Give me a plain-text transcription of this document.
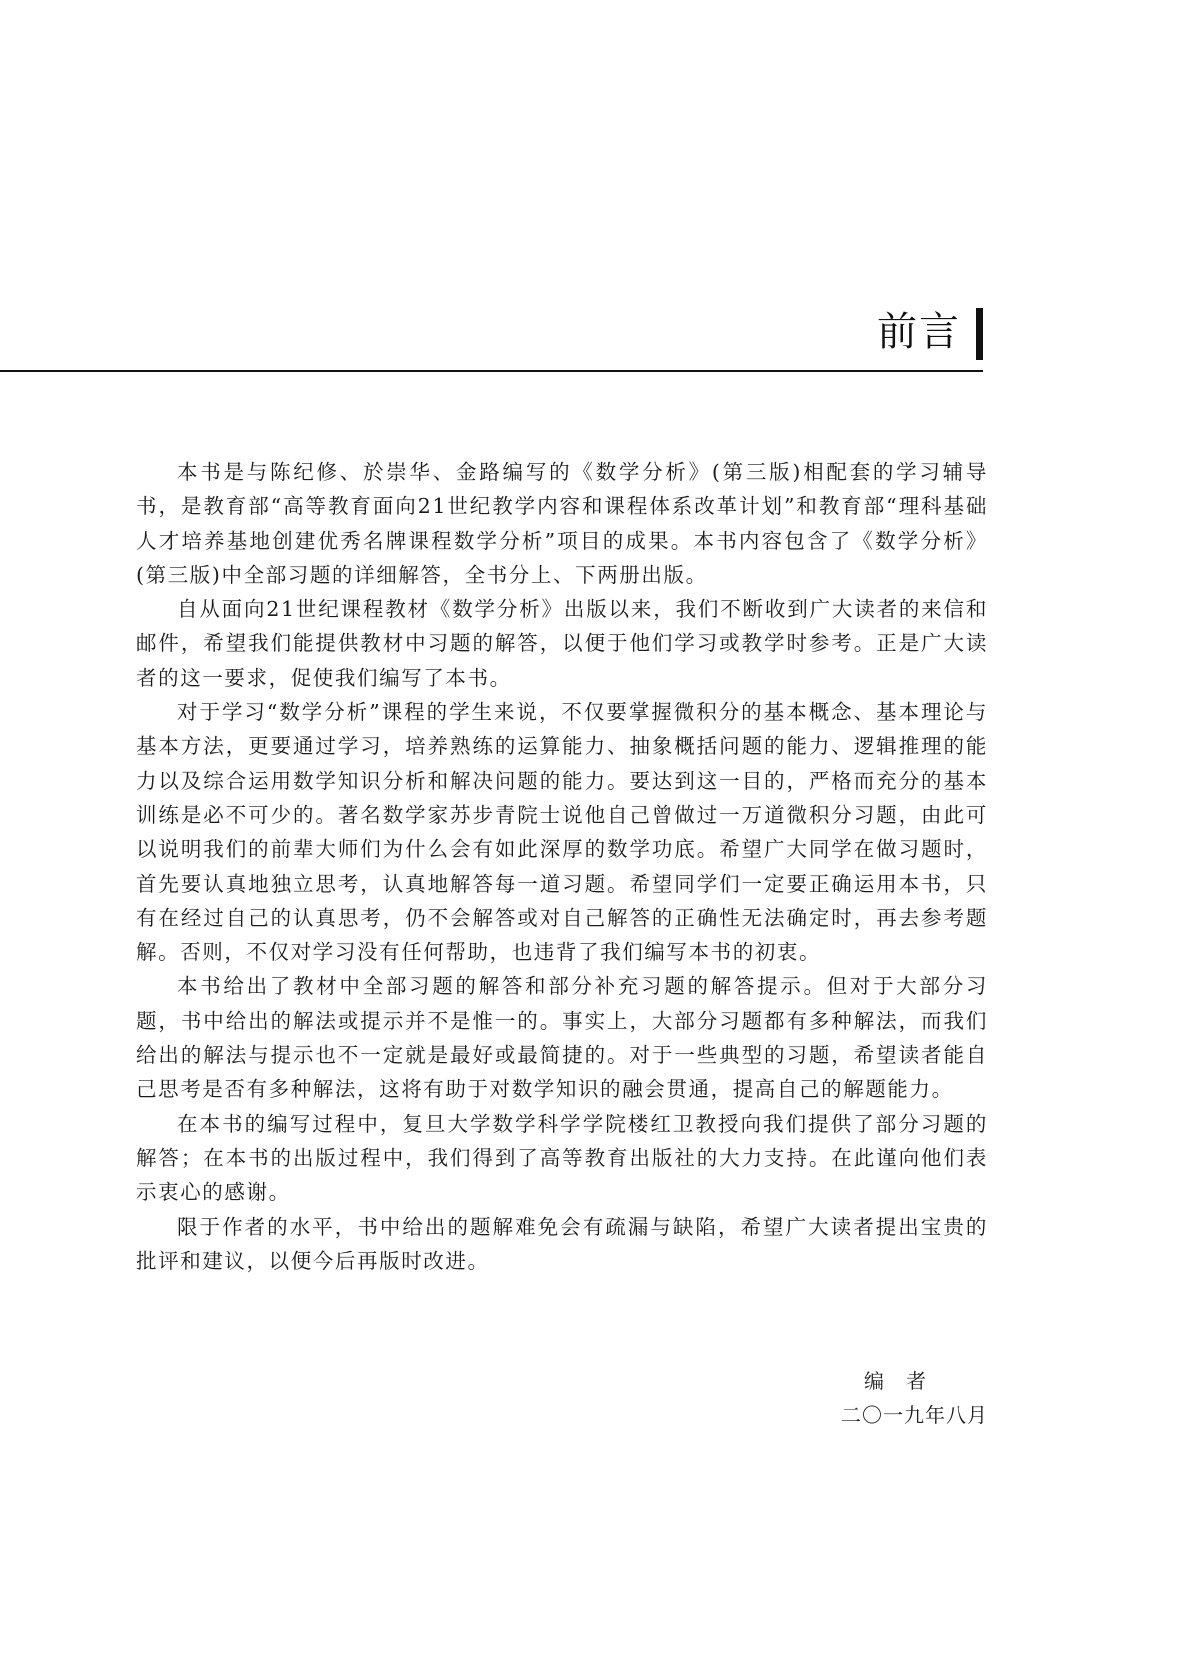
前言

本书是与陈纪修、於崇华、金路编写的《数学分析》(第三版)相配套的学习辅导书，是教育部“高等教育面向21世纪教学内容和课程体系改革计划”和教育部“理科基础人才培养基地创建优秀名牌课程数学分析”项目的成果。本书内容包含了《数学分析》(第三版)中全部习题的详细解答，全书分上、下两册出版。

自从面向21世纪课程教材《数学分析》出版以来，我们不断收到广大读者的来信和邮件，希望我们能提供教材中习题的解答，以便于他们学习或教学时参考。正是广大读者的这一要求，促使我们编写了本书。

对于学习“数学分析”课程的学生来说，不仅要掌握微积分的基本概念、基本理论与基本方法，更要通过学习，培养熟练的运算能力、抽象概括问题的能力、逻辑推理的能力以及综合运用数学知识分析和解决问题的能力。要达到这一目的，严格而充分的基本训练是必不可少的。著名数学家苏步青院士说他自己曾做过一万道微积分习题，由此可以说明我们的前辈大师们为什么会有如此深厚的数学功底。希望广大同学在做习题时，首先要认真地独立思考，认真地解答每一道习题。希望同学们一定要正确运用本书，只有在经过自己的认真思考，仍不会解答或对自己解答的正确性无法确定时，再去参考题解。否则，不仅对学习没有任何帮助，也违背了我们编写本书的初衷。

本书给出了教材中全部习题的解答和部分补充习题的解答提示。但对于大部分习题，书中给出的解法或提示并不是惟一的。事实上，大部分习题都有多种解法，而我们给出的解法与提示也不一定就是最好或最简捷的。对于一些典型的习题，希望读者能自己思考是否有多种解法，这将有助于对数学知识的融会贯通，提高自己的解题能力。

在本书的编写过程中，复旦大学数学科学学院楼红卫教授向我们提供了部分习题的解答；在本书的出版过程中，我们得到了高等教育出版社的大力支持。在此谨向他们表示衷心的感谢。

限于作者的水平，书中给出的题解难免会有疏漏与缺陷，希望广大读者提出宝贵的批评和建议，以便今后再版时改进。

编者
二〇一九年八月
